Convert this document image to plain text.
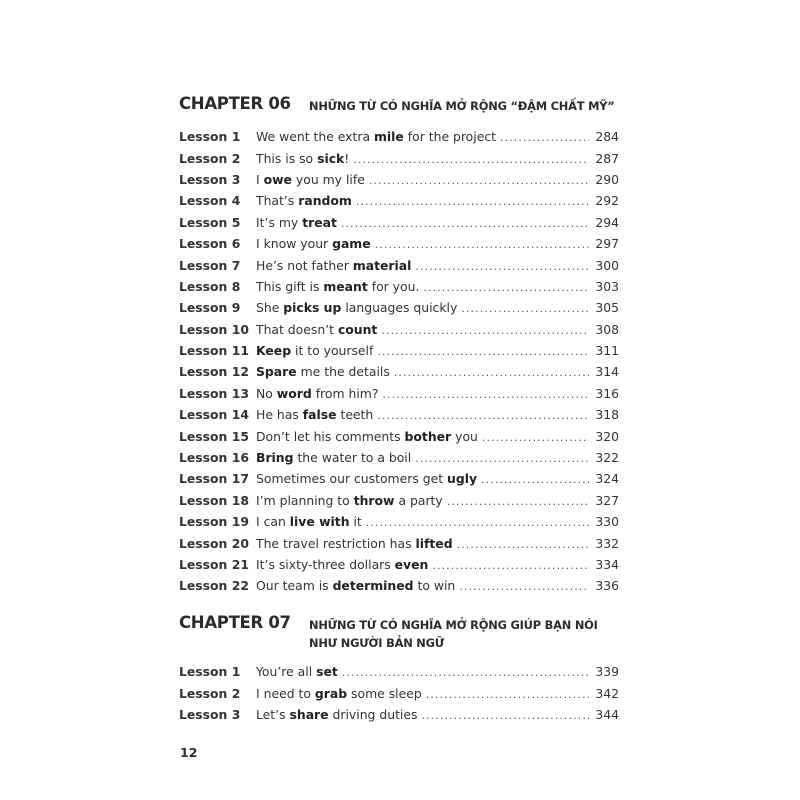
CHAPTER 06 NHỮNG TỪ CÓ NGHĨA MỞ RỘNG “ĐẬM CHẤT MỸ”
Lesson 1	We went the extra mile for the project .....	284
Lesson 2	This is so sick! .....	287
Lesson 3	I owe you my life .....	290
Lesson 4	That’s random .....	292
Lesson 5	It’s my treat .....	294
Lesson 6	I know your game .....	297
Lesson 7	He’s not father material .....	300
Lesson 8	This gift is meant for you. .....	303
Lesson 9	She picks up languages quickly .....	305
Lesson 10 That doesn’t count .....	308
Lesson 11 Keep it to yourself .....	311
Lesson 12 Spare me the details .....	314
Lesson 13 No word from him? .....	316
Lesson 14 He has false teeth .....	318
Lesson 15 Don’t let his comments bother you .....	320
Lesson 16 Bring the water to a boil .....	322
Lesson 17 Sometimes our customers get ugly .....	324
Lesson 18 I’m planning to throw a party .....	327
Lesson 19 I can live with it .....	330
Lesson 20 The travel restriction has lifted .....	332
Lesson 21 It’s sixty-three dollars even .....	334
Lesson 22 Our team is determined to win .....	336
CHAPTER 07 NHỮNG TỪ CÓ NGHĨA MỞ RỘNG GIÚP BẠN NÓI NHƯ NGƯỜI BẢN NGỮ
Lesson 1	You’re all set .....	339
Lesson 2	I need to grab some sleep .....	342
Lesson 3	Let’s share driving duties .....	344
12
